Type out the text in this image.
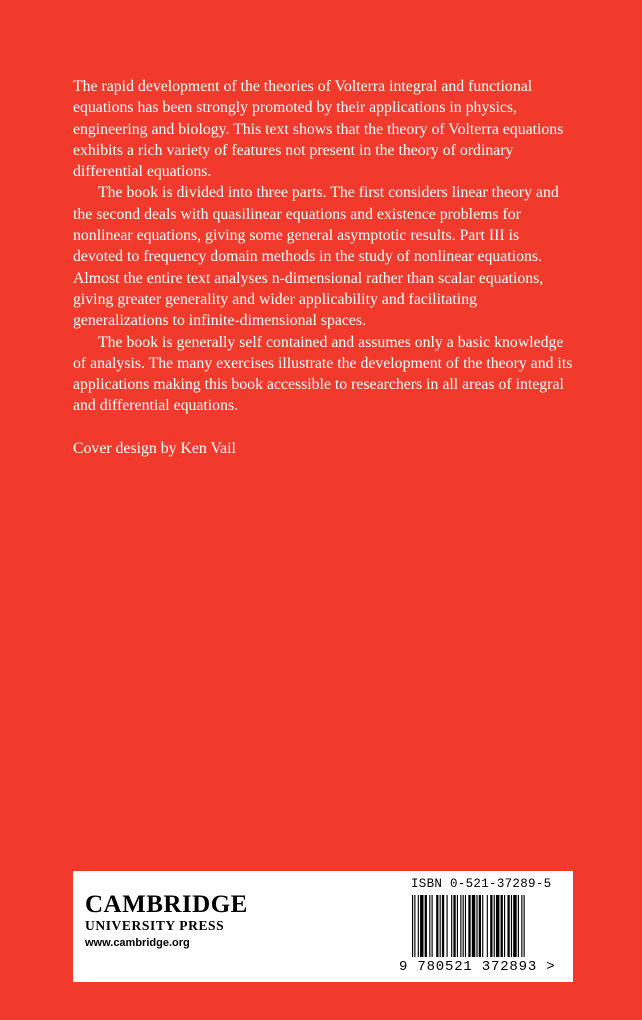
The rapid development of the theories of Volterra integral and functional equations has been strongly promoted by their applications in physics, engineering and biology. This text shows that the theory of Volterra equations exhibits a rich variety of features not present in the theory of ordinary differential equations.

The book is divided into three parts. The first considers linear theory and the second deals with quasilinear equations and existence problems for nonlinear equations, giving some general asymptotic results. Part III is devoted to frequency domain methods in the study of nonlinear equations. Almost the entire text analyses n-dimensional rather than scalar equations, giving greater generality and wider applicability and facilitating generalizations to infinite-dimensional spaces.

The book is generally self contained and assumes only a basic knowledge of analysis. The many exercises illustrate the development of the theory and its applications making this book accessible to researchers in all areas of integral and differential equations.

Cover design by Ken Vail

CAMBRIDGE
UNIVERSITY PRESS
www.cambridge.org
ISBN 0-521-37289-5
9 780521 372893 >
